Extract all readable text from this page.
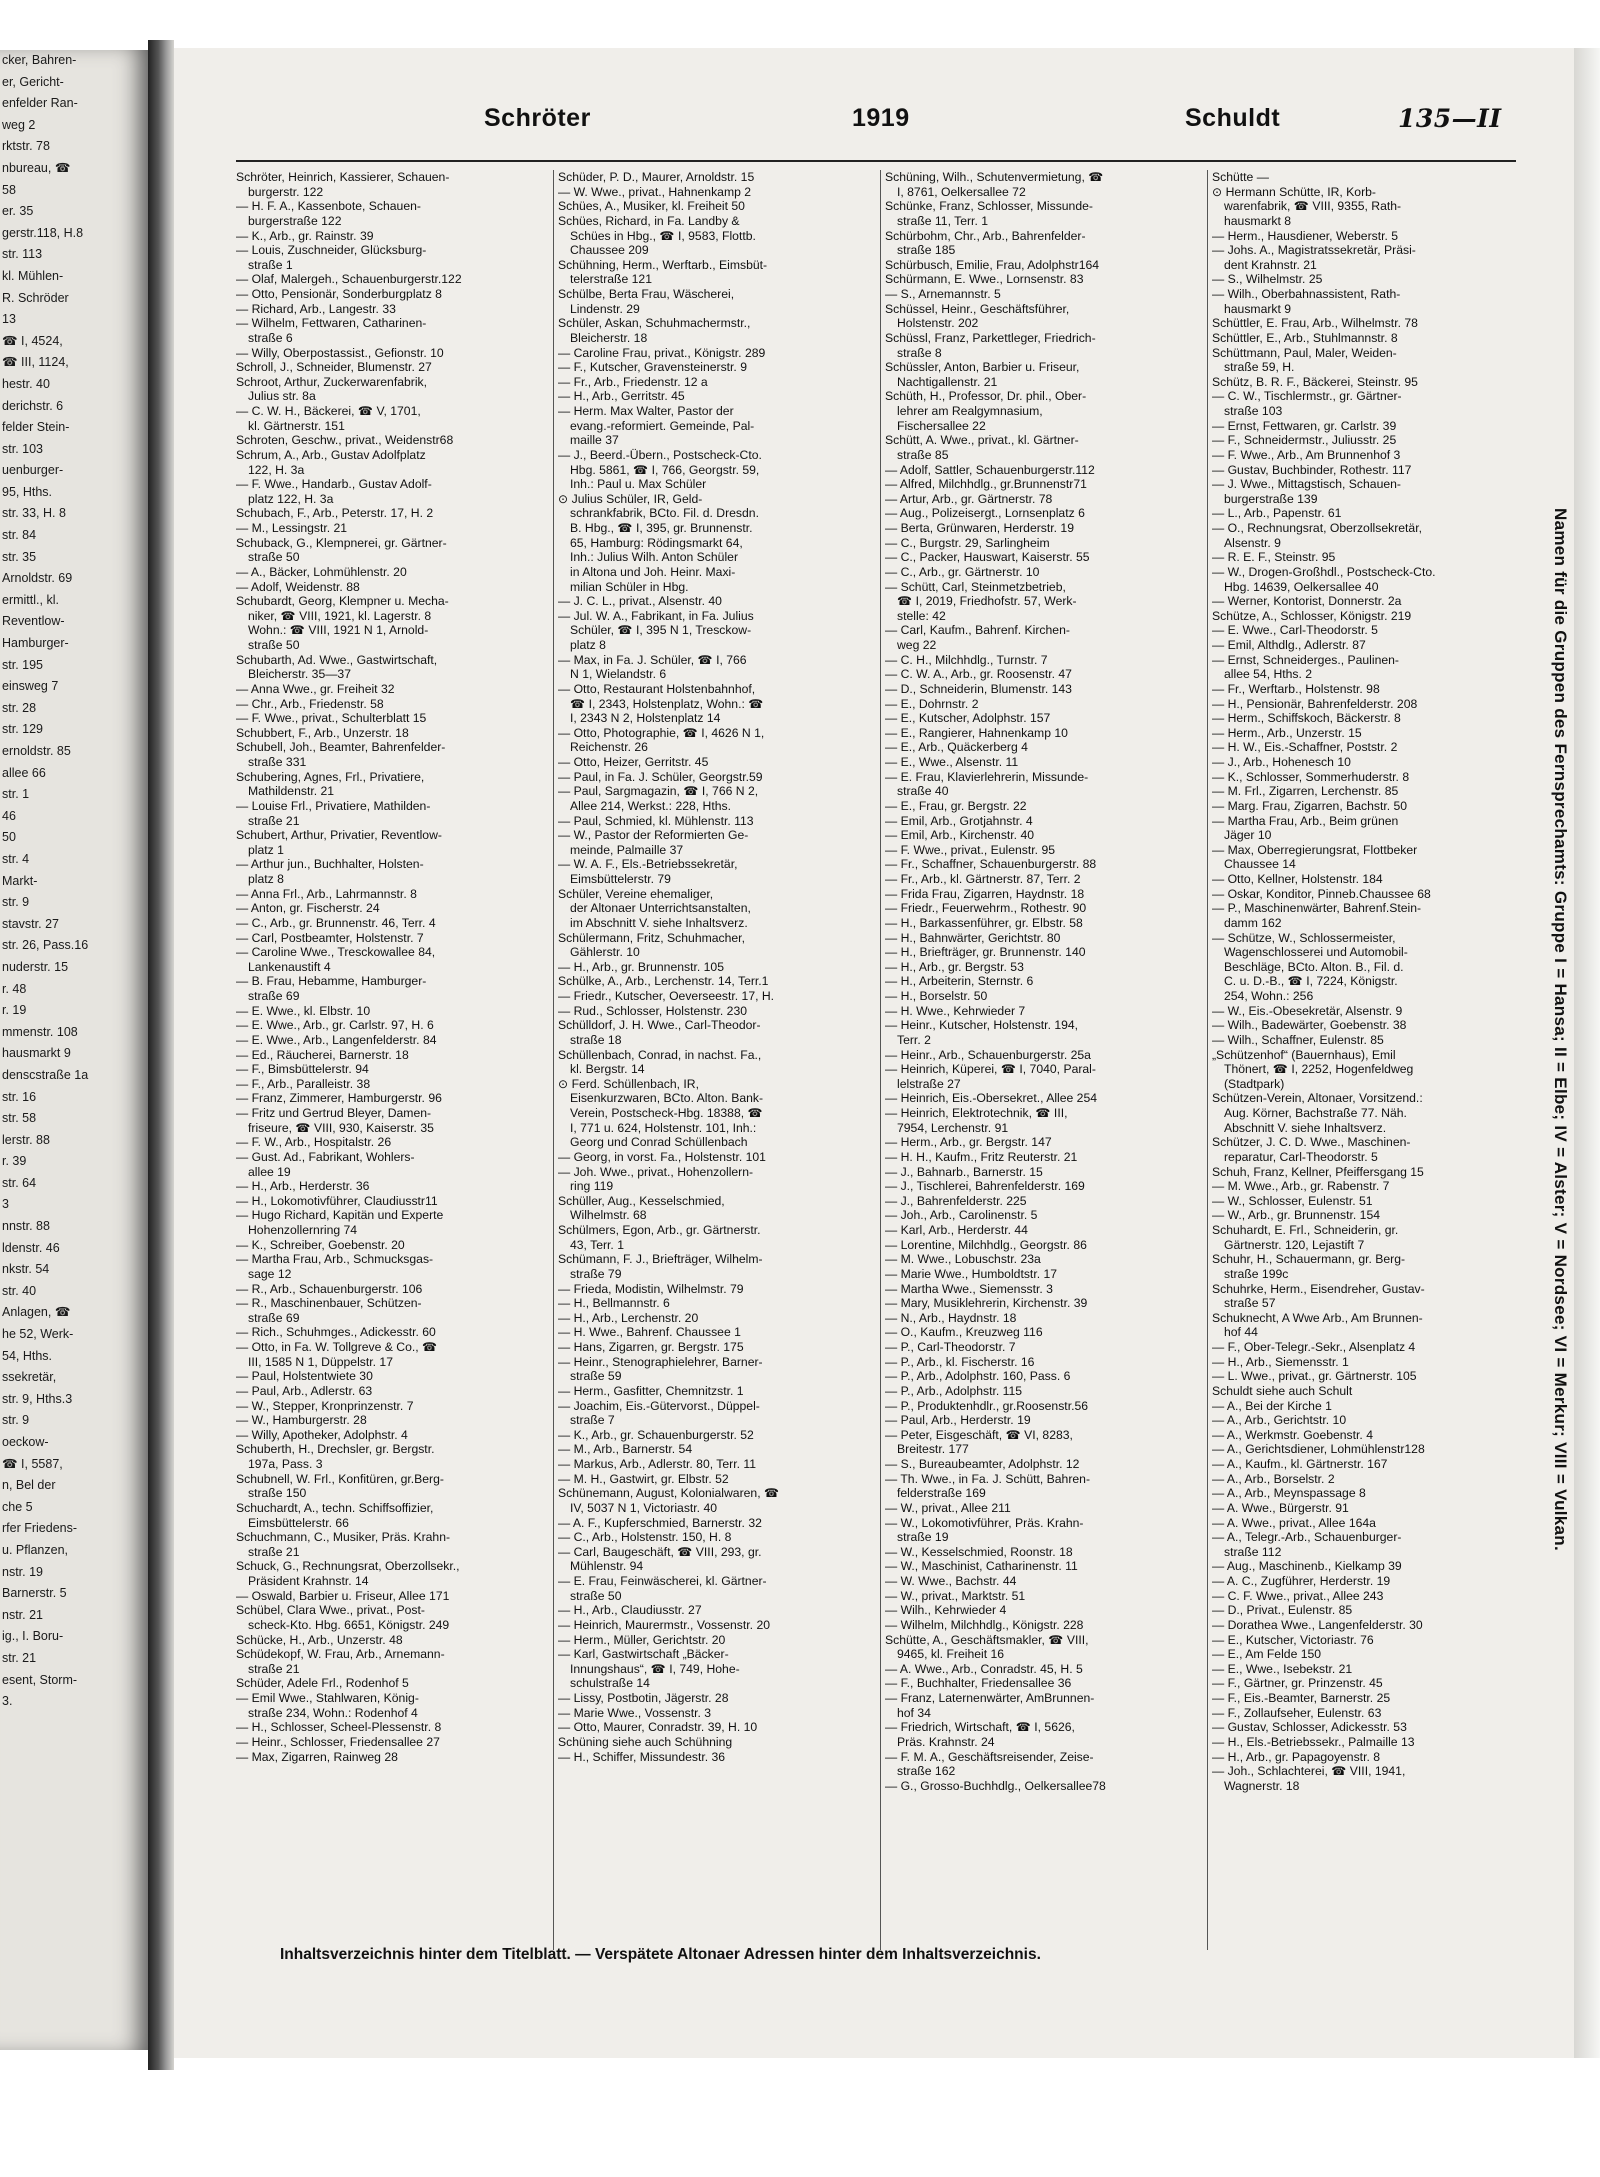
cker, Bahren-
er, Gericht-
enfelder Ran-
weg 2
rktstr. 78
nbureau, ☎
58
er. 35
gerstr.118, H.8
str. 113
kl. Mühlen-
R. Schröder
13
☎ I, 4524,
☎ III, 1124,
hestr. 40
derichstr. 6
felder Stein-
str. 103
uenburger-
95, Hths.
str. 33, H. 8
str. 84
str. 35
Arnoldstr. 69
ermittl., kl.
Reventlow-
Hamburger-
str. 195
einsweg 7
str. 28
str. 129
ernoldstr. 85
allee 66
str. 1
46
50
str. 4
Markt-
str. 9
stavstr. 27
str. 26, Pass.16
nuderstr. 15
r. 48
r. 19
mmenstr. 108
hausmarkt 9
denscstraße 1a
str. 16
str. 58
lerstr. 88
r. 39
str. 64
3
nnstr. 88
ldenstr. 46
nkstr. 54
str. 40
Anlagen, ☎
he 52, Werk-
54, Hths.
ssekretär,
str. 9, Hths.3
str. 9
oeckow-
☎ I, 5587,
n, Bel der
che 5
rfer Friedens-
u. Pflanzen,
nstr. 19
Barnerstr. 5
nstr. 21
ig., I. Boru-
str. 21
esent, Storm-
3.
Schröter	1919	Schuldt	135—II
Schröter, Heinrich, Kassierer, Schauen-
burgerstr. 122
— H. F. A., Kassenbote, Schauen-
burgerstraße 122
— K., Arb., gr. Rainstr. 39
— Louis, Zuschneider, Glücksburg-
straße 1
— Olaf, Malergeh., Schauenburgerstr.122
— Otto, Pensionär, Sonderburgplatz 8
— Richard, Arb., Langestr. 33
— Wilhelm, Fettwaren, Catharinen-
straße 6
— Willy, Oberpostassist., Gefionstr. 10
Schroll, J., Schneider, Blumenstr. 27
Schroot, Arthur, Zuckerwarenfabrik,
Julius str. 8a
— C. W. H., Bäckerei, ☎ V, 1701,
kl. Gärtnerstr. 151
Schroten, Geschw., privat., Weidenstr68
Schrum, A., Arb., Gustav Adolfplatz
122, H. 3a
— F. Wwe., Handarb., Gustav Adolf-
platz 122, H. 3a
Schubach, F., Arb., Peterstr. 17, H. 2
— M., Lessingstr. 21
Schuback, G., Klempnerei, gr. Gärtner-
straße 50
— A., Bäcker, Lohmühlenstr. 20
— Adolf, Weidenstr. 88
Schubardt, Georg, Klempner u. Mecha-
niker, ☎ VIII, 1921, kl. Lagerstr. 8
Wohn.: ☎ VIII, 1921 N 1, Arnold-
straße 50
Schubarth, Ad. Wwe., Gastwirtschaft,
Bleicherstr. 35—37
— Anna Wwe., gr. Freiheit 32
— Chr., Arb., Friedenstr. 58
— F. Wwe., privat., Schulterblatt 15
Schubbert, F., Arb., Unzerstr. 18
Schubell, Joh., Beamter, Bahrenfelder-
straße 331
Schubering, Agnes, Frl., Privatiere,
Mathildenstr. 21
— Louise Frl., Privatiere, Mathilden-
straße 21
Schubert, Arthur, Privatier, Reventlow-
platz 1
— Arthur jun., Buchhalter, Holsten-
platz 8
— Anna Frl., Arb., Lahrmannstr. 8
— Anton, gr. Fischerstr. 24
— C., Arb., gr. Brunnenstr. 46, Terr. 4
— Carl, Postbeamter, Holstenstr. 7
— Caroline Wwe., Tresckowallee 84,
Lankenaustift 4
— B. Frau, Hebamme, Hamburger-
straße 69
— E. Wwe., kl. Elbstr. 10
— E. Wwe., Arb., gr. Carlstr. 97, H. 6
— E. Wwe., Arb., Langenfelderstr. 84
— Ed., Räucherei, Barnerstr. 18
— F., Bimsbüttelerstr. 94
— F., Arb., Paralleistr. 38
— Franz, Zimmerer, Hamburgerstr. 96
— Fritz und Gertrud Bleyer, Damen-
friseure, ☎ VIII, 930, Kaiserstr. 35
— F. W., Arb., Hospitalstr. 26
— Gust. Ad., Fabrikant, Wohlers-
allee 19
— H., Arb., Herderstr. 36
— H., Lokomotivführer, Claudiusstr11
— Hugo Richard, Kapitän und Experte
Hohenzollernring 74
— K., Schreiber, Goebenstr. 20
— Martha Frau, Arb., Schmucksgas-
sage 12
— R., Arb., Schauenburgerstr. 106
— R., Maschinenbauer, Schützen-
straße 69
— Rich., Schuhmges., Adickesstr. 60
— Otto, in Fa. W. Tollgreve & Co., ☎
III, 1585 N 1, Düppelstr. 17
— Paul, Holstentwiete 30
— Paul, Arb., Adlerstr. 63
— W., Stepper, Kronprinzenstr. 7
— W., Hamburgerstr. 28
— Willy, Apotheker, Adolphstr. 4
Schuberth, H., Drechsler, gr. Bergstr.
197a, Pass. 3
Schubnell, W. Frl., Konfitüren, gr.Berg-
straße 150
Schuchardt, A., techn. Schiffsoffizier,
Eimsbüttelerstr. 66
Schuchmann, C., Musiker, Präs. Krahn-
straße 21
Schuck, G., Rechnungsrat, Oberzollsekr.,
Präsident Krahnstr. 14
— Oswald, Barbier u. Friseur, Allee 171
Schübel, Clara Wwe., privat., Post-
scheck-Kto. Hbg. 6651, Königstr. 249
Schücke, H., Arb., Unzerstr. 48
Schüdekopf, W. Frau, Arb., Arnemann-
straße 21
Schüder, Adele Frl., Rodenhof 5
— Emil Wwe., Stahlwaren, König-
straße 234, Wohn.: Rodenhof 4
— H., Schlosser, Scheel-Plessenstr. 8
— Heinr., Schlosser, Friedensallee 27
— Max, Zigarren, Rainweg 28
Schüder, P. D., Maurer, Arnoldstr. 15
— W. Wwe., privat., Hahnenkamp 2
Schües, A., Musiker, kl. Freiheit 50
Schües, Richard, in Fa. Landby &
Schües in Hbg., ☎ I, 9583, Flottb.
Chaussee 209
Schühning, Herm., Werftarb., Eimsbüt-
telerstraße 121
Schülbe, Berta Frau, Wäscherei,
Lindenstr. 29
Schüler, Askan, Schuhmachermstr.,
Bleicherstr. 18
— Caroline Frau, privat., Königstr. 289
— F., Kutscher, Gravensteinerstr. 9
— Fr., Arb., Friedenstr. 12 a
— H., Arb., Gerritstr. 45
— Herm. Max Walter, Pastor der
evang.-reformiert. Gemeinde, Pal-
maille 37
— J., Beerd.-Übern., Postscheck-Cto.
Hbg. 5861, ☎ I, 766, Georgstr. 59,
Inh.: Paul u. Max Schüler
⊙ Julius Schüler, IR, Geld-
schrankfabrik, BCto. Fil. d. Dresdn.
B. Hbg., ☎ I, 395, gr. Brunnenstr.
65, Hamburg: Rödingsmarkt 64,
Inh.: Julius Wilh. Anton Schüler
in Altona und Joh. Heinr. Maxi-
milian Schüler in Hbg.
— J. C. L., privat., Alsenstr. 40
— Jul. W. A., Fabrikant, in Fa. Julius
Schüler, ☎ I, 395 N 1, Tresckow-
platz 8
— Max, in Fa. J. Schüler, ☎ I, 766
N 1, Wielandstr. 6
— Otto, Restaurant Holstenbahnhof,
☎ I, 2343, Holstenplatz, Wohn.: ☎
I, 2343 N 2, Holstenplatz 14
— Otto, Photographie, ☎ I, 4626 N 1,
Reichenstr. 26
— Otto, Heizer, Gerritstr. 45
— Paul, in Fa. J. Schüler, Georgstr.59
— Paul, Sargmagazin, ☎ I, 766 N 2,
Allee 214, Werkst.: 228, Hths.
— Paul, Schmied, kl. Mühlenstr. 113
— W., Pastor der Reformierten Ge-
meinde, Palmaille 37
— W. A. F., Els.-Betriebssekretär,
Eimsbüttelerstr. 79
Schüler, Vereine ehemaliger,
der Altonaer Unterrichtsanstalten,
im Abschnitt V. siehe Inhaltsverz.
Schülermann, Fritz, Schuhmacher,
Gählerstr. 10
— H., Arb., gr. Brunnenstr. 105
Schülke, A., Arb., Lerchenstr. 14, Terr.1
— Friedr., Kutscher, Oeverseestr. 17, H.
— Rud., Schlosser, Holstenstr. 230
Schülldorf, J. H. Wwe., Carl-Theodor-
straße 18
Schüllenbach, Conrad, in nachst. Fa.,
kl. Bergstr. 14
⊙ Ferd. Schüllenbach, IR,
Eisenkurzwaren, BCto. Alton. Bank-
Verein, Postscheck-Hbg. 18388, ☎
I, 771 u. 624, Holstenstr. 101, Inh.:
Georg und Conrad Schüllenbach
— Georg, in vorst. Fa., Holstenstr. 101
— Joh. Wwe., privat., Hohenzollern-
ring 119
Schüller, Aug., Kesselschmied,
Wilhelmstr. 68
Schülmers, Egon, Arb., gr. Gärtnerstr.
43, Terr. 1
Schümann, F. J., Briefträger, Wilhelm-
straße 79
— Frieda, Modistin, Wilhelmstr. 79
— H., Bellmannstr. 6
— H., Arb., Lerchenstr. 20
— H. Wwe., Bahrenf. Chaussee 1
— Hans, Zigarren, gr. Bergstr. 175
— Heinr., Stenographielehrer, Barner-
straße 59
— Herm., Gasfitter, Chemnitzstr. 1
— Joachim, Eis.-Gütervorst., Düppel-
straße 7
— K., Arb., gr. Schauenburgerstr. 52
— M., Arb., Barnerstr. 54
— Markus, Arb., Adlerstr. 80, Terr. 11
— M. H., Gastwirt, gr. Elbstr. 52
Schünemann, August, Kolonialwaren, ☎
IV, 5037 N 1, Victoriastr. 40
— A. F., Kupferschmied, Barnerstr. 32
— C., Arb., Holstenstr. 150, H. 8
— Carl, Baugeschäft, ☎ VIII, 293, gr.
Mühlenstr. 94
— E. Frau, Feinwäscherei, kl. Gärtner-
straße 50
— H., Arb., Claudiusstr. 27
— Heinrich, Maurermstr., Vossenstr. 20
— Herm., Müller, Gerichtstr. 20
— Karl, Gastwirtschaft „Bäcker-
Innungshaus“, ☎ I, 749, Hohe-
schulstraße 14
— Lissy, Postbotin, Jägerstr. 28
— Marie Wwe., Vossenstr. 3
— Otto, Maurer, Conradstr. 39, H. 10
Schüning siehe auch Schühning
— H., Schiffer, Missundestr. 36
Schüning, Wilh., Schutenvermietung, ☎
I, 8761, Oelkersallee 72
Schünke, Franz, Schlosser, Missunde-
straße 11, Terr. 1
Schürbohm, Chr., Arb., Bahrenfelder-
straße 185
Schürbusch, Emilie, Frau, Adolphstr164
Schürmann, E. Wwe., Lornsenstr. 83
— S., Arnemannstr. 5
Schüssel, Heinr., Geschäftsführer,
Holstenstr. 202
Schüssl, Franz, Parkettleger, Friedrich-
straße 8
Schüssler, Anton, Barbier u. Friseur,
Nachtigallenstr. 21
Schüth, H., Professor, Dr. phil., Ober-
lehrer am Realgymnasium,
Fischersallee 22
Schütt, A. Wwe., privat., kl. Gärtner-
straße 85
— Adolf, Sattler, Schauenburgerstr.112
— Alfred, Milchhdlg., gr.Brunnenstr71
— Artur, Arb., gr. Gärtnerstr. 78
— Aug., Polizeisergt., Lornsenplatz 6
— Berta, Grünwaren, Herderstr. 19
— C., Burgstr. 29, Sarlingheim
— C., Packer, Hauswart, Kaiserstr. 55
— C., Arb., gr. Gärtnerstr. 10
— Schütt, Carl, Steinmetzbetrieb,
☎ I, 2019, Friedhofstr. 57, Werk-
stelle: 42
— Carl, Kaufm., Bahrenf. Kirchen-
weg 22
— C. H., Milchhdlg., Turnstr. 7
— C. W. A., Arb., gr. Roosenstr. 47
— D., Schneiderin, Blumenstr. 143
— E., Dohrnstr. 2
— E., Kutscher, Adolphstr. 157
— E., Rangierer, Hahnenkamp 10
— E., Arb., Quäckerberg 4
— E., Wwe., Alsenstr. 11
— E. Frau, Klavierlehrerin, Missunde-
straße 40
— E., Frau, gr. Bergstr. 22
— Emil, Arb., Grotjahnstr. 4
— Emil, Arb., Kirchenstr. 40
— F. Wwe., privat., Eulenstr. 95
— Fr., Schaffner, Schauenburgerstr. 88
— Fr., Arb., kl. Gärtnerstr. 87, Terr. 2
— Frida Frau, Zigarren, Haydnstr. 18
— Friedr., Feuerwehrm., Rothestr. 90
— H., Barkassenführer, gr. Elbstr. 58
— H., Bahnwärter, Gerichtstr. 80
— H., Briefträger, gr. Brunnenstr. 140
— H., Arb., gr. Bergstr. 53
— H., Arbeiterin, Sternstr. 6
— H., Borselstr. 50
— H. Wwe., Kehrwieder 7
— Heinr., Kutscher, Holstenstr. 194,
Terr. 2
— Heinr., Arb., Schauenburgerstr. 25a
— Heinrich, Küperei, ☎ I, 7040, Paral-
lelstraße 27
— Heinrich, Eis.-Obersekret., Allee 254
— Heinrich, Elektrotechnik, ☎ III,
7954, Lerchenstr. 91
— Herm., Arb., gr. Bergstr. 147
— H. H., Kaufm., Fritz Reuterstr. 21
— J., Bahnarb., Barnerstr. 15
— J., Tischlerei, Bahrenfelderstr. 169
— J., Bahrenfelderstr. 225
— Joh., Arb., Carolinenstr. 5
— Karl, Arb., Herderstr. 44
— Lorentine, Milchhdlg., Georgstr. 86
— M. Wwe., Lobuschstr. 23a
— Marie Wwe., Humboldtstr. 17
— Martha Wwe., Siemensstr. 3
— Mary, Musiklehrerin, Kirchenstr. 39
— N., Arb., Haydnstr. 18
— O., Kaufm., Kreuzweg 116
— P., Carl-Theodorstr. 7
— P., Arb., kl. Fischerstr. 16
— P., Arb., Adolphstr. 160, Pass. 6
— P., Arb., Adolphstr. 115
— P., Produktenhdlr., gr.Roosenstr.56
— Paul, Arb., Herderstr. 19
— Peter, Eisgeschäft, ☎ VI, 8283,
Breitestr. 177
— S., Bureaubeamter, Adolphstr. 12
— Th. Wwe., in Fa. J. Schütt, Bahren-
felderstraße 169
— W., privat., Allee 211
— W., Lokomotivführer, Präs. Krahn-
straße 19
— W., Kesselschmied, Roonstr. 18
— W., Maschinist, Catharinenstr. 11
— W. Wwe., Bachstr. 44
— W., privat., Marktstr. 51
— Wilh., Kehrwieder 4
— Wilhelm, Milchhdlg., Königstr. 228
Schütte, A., Geschäftsmakler, ☎ VIII,
9465, kl. Freiheit 16
— A. Wwe., Arb., Conradstr. 45, H. 5
— F., Buchhalter, Friedensallee 36
— Franz, Laternenwärter, AmBrunnen-
hof 34
— Friedrich, Wirtschaft, ☎ I, 5626,
Präs. Krahnstr. 24
— F. M. A., Geschäftsreisender, Zeise-
straße 162
— G., Grosso-Buchhdlg., Oelkersallee78
Schütte —
⊙ Hermann Schütte, IR, Korb-
warenfabrik, ☎ VIII, 9355, Rath-
hausmarkt 8
— Herm., Hausdiener, Weberstr. 5
— Johs. A., Magistratssekretär, Präsi-
dent Krahnstr. 21
— S., Wilhelmstr. 25
— Wilh., Oberbahnassistent, Rath-
hausmarkt 9
Schüttler, E. Frau, Arb., Wilhelmstr. 78
Schüttler, E., Arb., Stuhlmannstr. 8
Schüttmann, Paul, Maler, Weiden-
straße 59, H.
Schütz, B. R. F., Bäckerei, Steinstr. 95
— C. W., Tischlermstr., gr. Gärtner-
straße 103
— Ernst, Fettwaren, gr. Carlstr. 39
— F., Schneidermstr., Juliusstr. 25
— F. Wwe., Arb., Am Brunnenhof 3
— Gustav, Buchbinder, Rothestr. 117
— J. Wwe., Mittagstisch, Schauen-
burgerstraße 139
— L., Arb., Papenstr. 61
— O., Rechnungsrat, Oberzollsekretär,
Alsenstr. 9
— R. E. F., Steinstr. 95
— W., Drogen-Großhdl., Postscheck-Cto.
Hbg. 14639, Oelkersallee 40
— Werner, Kontorist, Donnerstr. 2a
Schütze, A., Schlosser, Königstr. 219
— E. Wwe., Carl-Theodorstr. 5
— Emil, Althdlg., Adlerstr. 87
— Ernst, Schneiderges., Paulinen-
allee 54, Hths. 2
— Fr., Werftarb., Holstenstr. 98
— H., Pensionär, Bahrenfelderstr. 208
— Herm., Schiffskoch, Bäckerstr. 8
— Herm., Arb., Unzerstr. 15
— H. W., Eis.-Schaffner, Poststr. 2
— J., Arb., Hohenesch 10
— K., Schlosser, Sommerhuderstr. 8
— M. Frl., Zigarren, Lerchenstr. 85
— Marg. Frau, Zigarren, Bachstr. 50
— Martha Frau, Arb., Beim grünen
Jäger 10
— Max, Oberregierungsrat, Flottbeker
Chaussee 14
— Otto, Kellner, Holstenstr. 184
— Oskar, Konditor, Pinneb.Chaussee 68
— P., Maschinenwärter, Bahrenf.Stein-
damm 162
— Schütze, W., Schlossermeister,
Wagenschlosserei und Automobil-
Beschläge, BCto. Alton. B., Fil. d.
C. u. D.-B., ☎ I, 7224, Königstr.
254, Wohn.: 256
— W., Eis.-Obesekretär, Alsenstr. 9
— Wilh., Badewärter, Goebenstr. 38
— Wilh., Schaffner, Eulenstr. 85
„Schützenhof“ (Bauernhaus), Emil
Thönert, ☎ I, 2252, Hogenfeldweg
(Stadtpark)
Schützen-Verein, Altonaer, Vorsitzend.:
Aug. Körner, Bachstraße 77. Näh.
Abschnitt V. siehe Inhaltsverz.
Schützer, J. C. D. Wwe., Maschinen-
reparatur, Carl-Theodorstr. 5
Schuh, Franz, Kellner, Pfeiffersgang 15
— M. Wwe., Arb., gr. Rabenstr. 7
— W., Schlosser, Eulenstr. 51
— W., Arb., gr. Brunnenstr. 154
Schuhardt, E. Frl., Schneiderin, gr.
Gärtnerstr. 120, Lejastift 7
Schuhr, H., Schauermann, gr. Berg-
straße 199c
Schuhrke, Herm., Eisendreher, Gustav-
straße 57
Schuknecht, A Wwe Arb., Am Brunnen-
hof 44
— F., Ober-Telegr.-Sekr., Alsenplatz 4
— H., Arb., Siemensstr. 1
— L. Wwe., privat., gr. Gärtnerstr. 105
Schuldt siehe auch Schult
— A., Bei der Kirche 1
— A., Arb., Gerichtstr. 10
— A., Werkmstr. Goebenstr. 4
— A., Gerichtsdiener, Lohmühlenstr128
— A., Kaufm., kl. Gärtnerstr. 167
— A., Arb., Borselstr. 2
— A., Arb., Meynspassage 8
— A. Wwe., Bürgerstr. 91
— A. Wwe., privat., Allee 164a
— A., Telegr.-Arb., Schauenburger-
straße 112
— Aug., Maschinenb., Kielkamp 39
— A. C., Zugführer, Herderstr. 19
— C. F. Wwe., privat., Allee 243
— D., Privat., Eulenstr. 85
— Dorathea Wwe., Langenfelderstr. 30
— E., Kutscher, Victoriastr. 76
— E., Am Felde 150
— E., Wwe., Isebekstr. 21
— F., Gärtner, gr. Prinzenstr. 45
— F., Eis.-Beamter, Barnerstr. 25
— F., Zollaufseher, Eulenstr. 63
— Gustav, Schlosser, Adickesstr. 53
— H., Els.-Betriebssekr., Palmaille 13
— H., Arb., gr. Papagoyenstr. 8
— Joh., Schlachterei, ☎ VIII, 1941,
Wagnerstr. 18
Namen für die Gruppen des Fernsprechamts: Gruppe I = Hansa; II = Elbe; IV = Alster; V = Nordsee; VI = Merkur; VIII = Vulkan.
Inhaltsverzeichnis hinter dem Titelblatt. — Verspätete Altonaer Adressen hinter dem Inhaltsverzeichnis.
